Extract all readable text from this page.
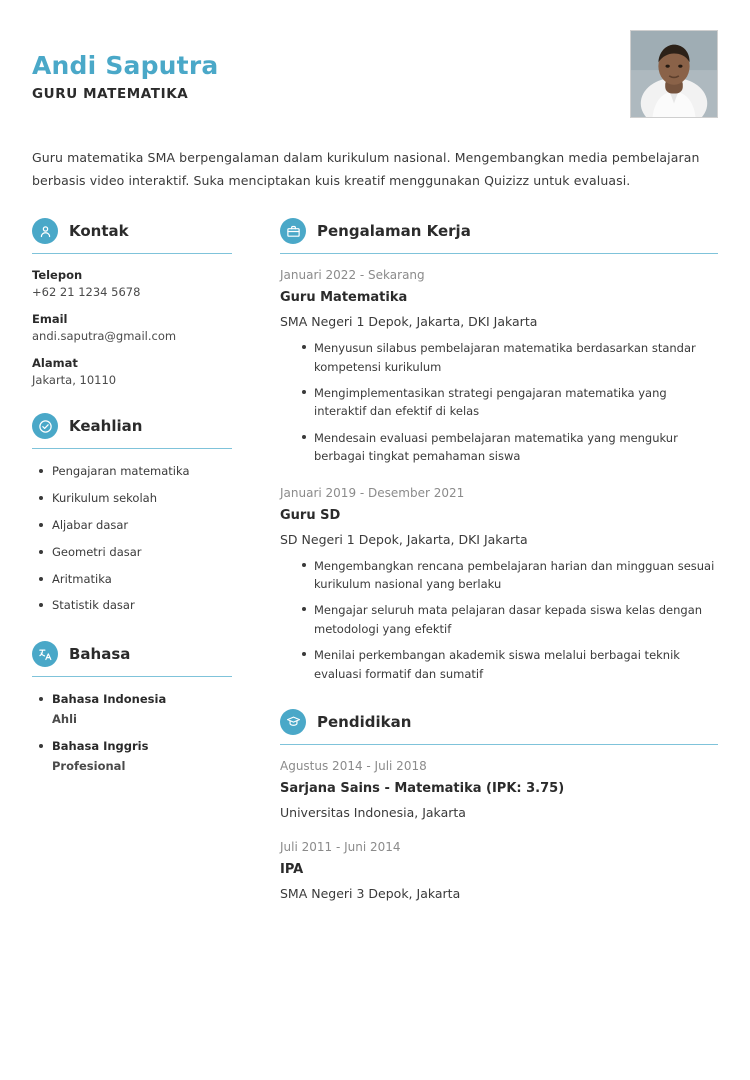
Andi Saputra
GURU MATEMATIKA
Guru matematika SMA berpengalaman dalam kurikulum nasional. Mengembangkan media pembelajaran berbasis video interaktif. Suka menciptakan kuis kreatif menggunakan Quizizz untuk evaluasi.
Kontak
Telepon
+62 21 1234 5678
Email
andi.saputra@gmail.com
Alamat
Jakarta, 10110
Keahlian
Pengajaran matematika
Kurikulum sekolah
Aljabar dasar
Geometri dasar
Aritmatika
Statistik dasar
Bahasa
Bahasa Indonesia
Ahli
Bahasa Inggris
Profesional
Pengalaman Kerja
Januari 2022 - Sekarang
Guru Matematika
SMA Negeri 1 Depok, Jakarta, DKI Jakarta
Menyusun silabus pembelajaran matematika berdasarkan standar kompetensi kurikulum
Mengimplementasikan strategi pengajaran matematika yang interaktif dan efektif di kelas
Mendesain evaluasi pembelajaran matematika yang mengukur berbagai tingkat pemahaman siswa
Januari 2019 - Desember 2021
Guru SD
SD Negeri 1 Depok, Jakarta, DKI Jakarta
Mengembangkan rencana pembelajaran harian dan mingguan sesuai kurikulum nasional yang berlaku
Mengajar seluruh mata pelajaran dasar kepada siswa kelas dengan metodologi yang efektif
Menilai perkembangan akademik siswa melalui berbagai teknik evaluasi formatif dan sumatif
Pendidikan
Agustus 2014 - Juli 2018
Sarjana Sains - Matematika (IPK: 3.75)
Universitas Indonesia, Jakarta
Juli 2011 - Juni 2014
IPA
SMA Negeri 3 Depok, Jakarta
